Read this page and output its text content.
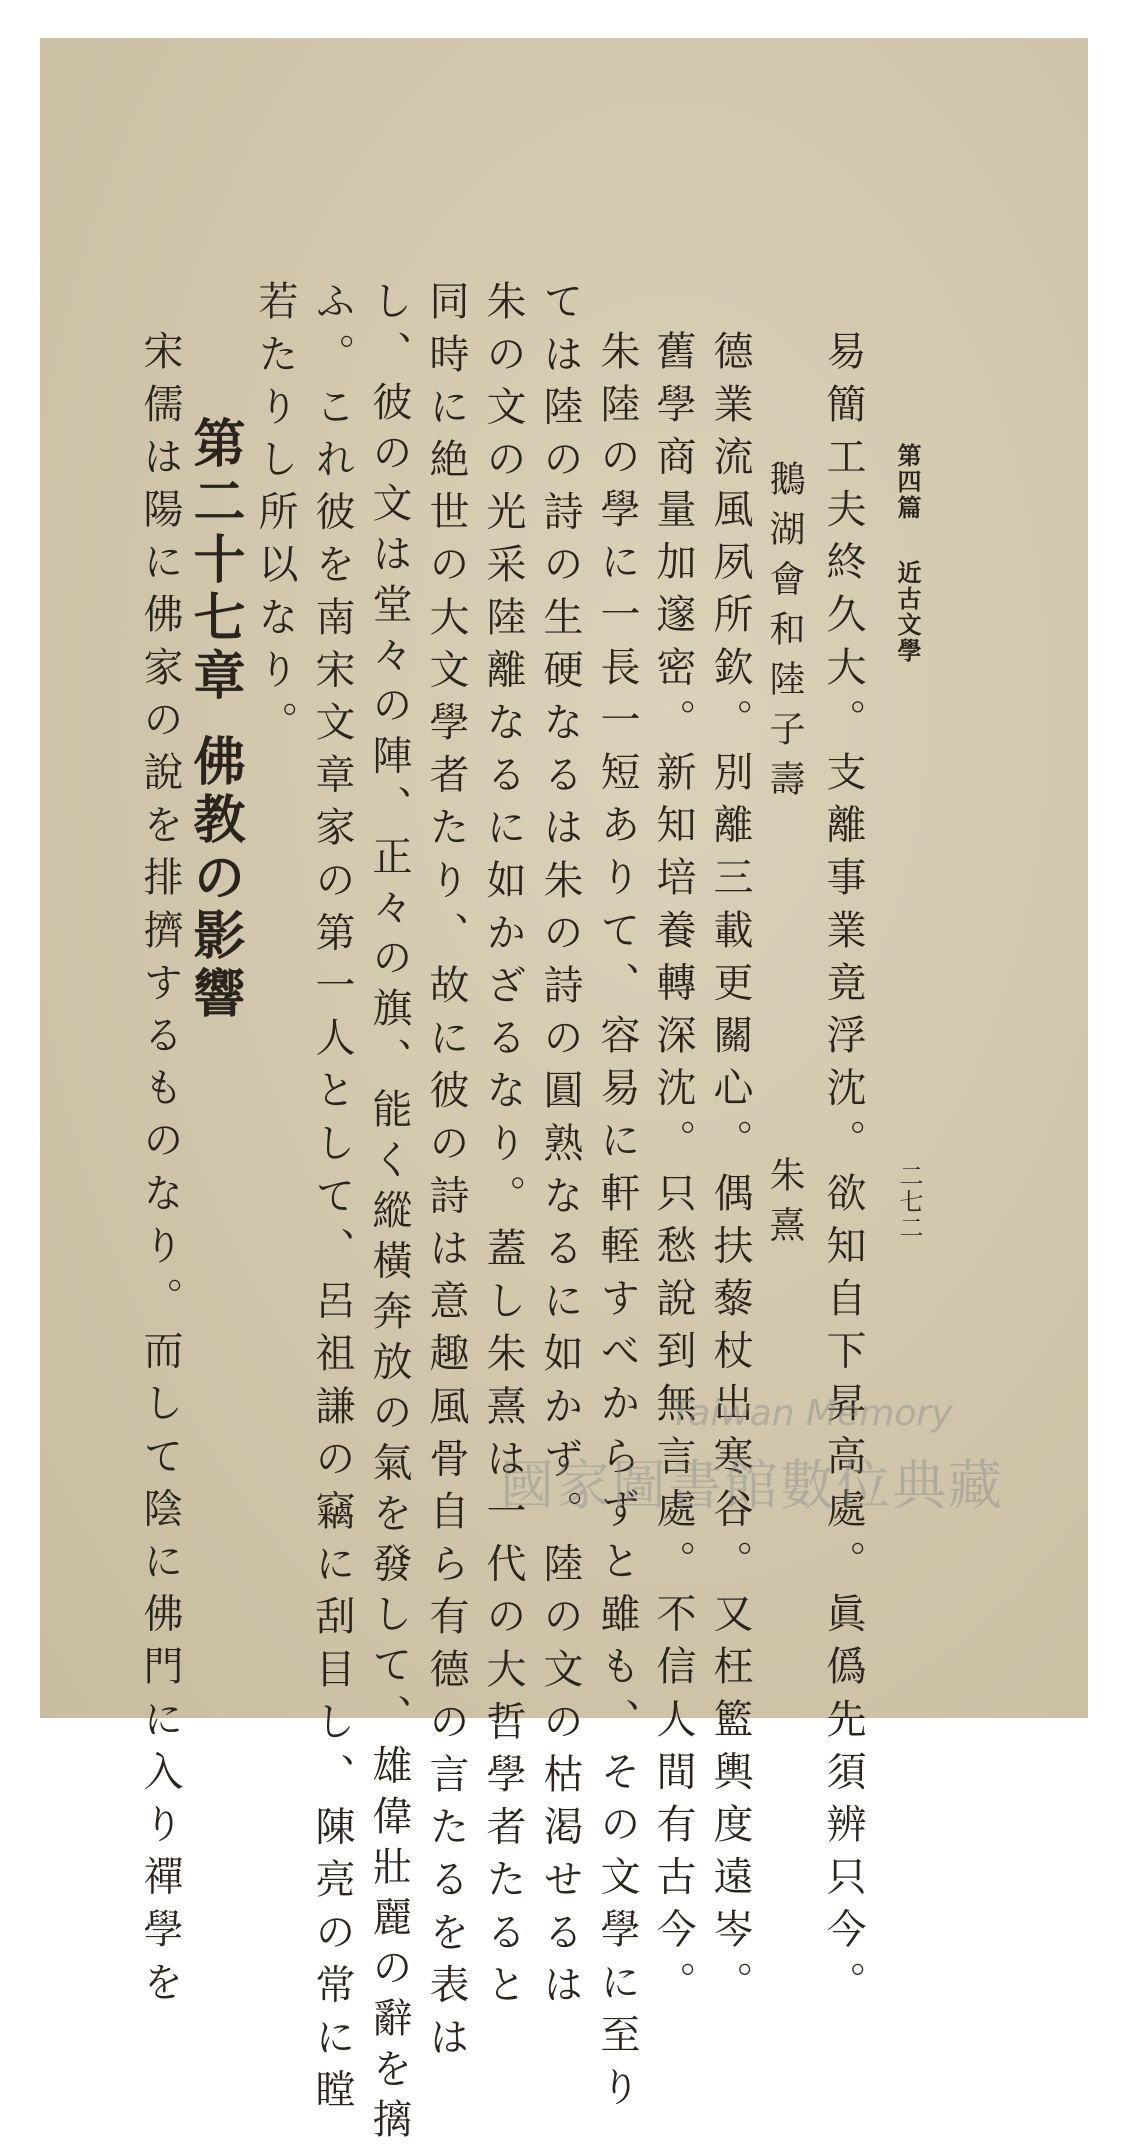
第四篇
近古文學
二七二
易簡工夫終久大。支離事業竟浮沈。欲知自下昇高處。眞僞先須辨只今。
鵝湖會和陸子壽
朱熹
德業流風夙所欽。別離三載更關心。偶扶藜杖出寒谷。又枉籃輿度遠岑。
舊學商量加邃密。新知培養轉深沈。只愁說到無言處。不信人間有古今。
朱陸の學に一長一短ありて、容易に軒輊すべからずと雖も、その文學に至り
ては陸の詩の生硬なるは朱の詩の圓熟なるに如かず。陸の文の枯渇せるは
朱の文の光采陸離なるに如かざるなり。蓋し朱熹は一代の大哲學者たると
同時に絶世の大文學者たり、故に彼の詩は意趣風骨自ら有德の言たるを表は
し、彼の文は堂々の陣、正々の旗、能く縱橫奔放の氣を發して、雄偉壯麗の辭を摛
ふ。これ彼を南宋文章家の第一人として、呂祖謙の竊に刮目し、陳亮の常に瞠
若たりし所以なり。
第二十七章
佛教の影響
宋儒は陽に佛家の說を排擠するものなり。而して陰に佛門に入り禪學を	Taiwan Memory
國家圖書館數位典藏
